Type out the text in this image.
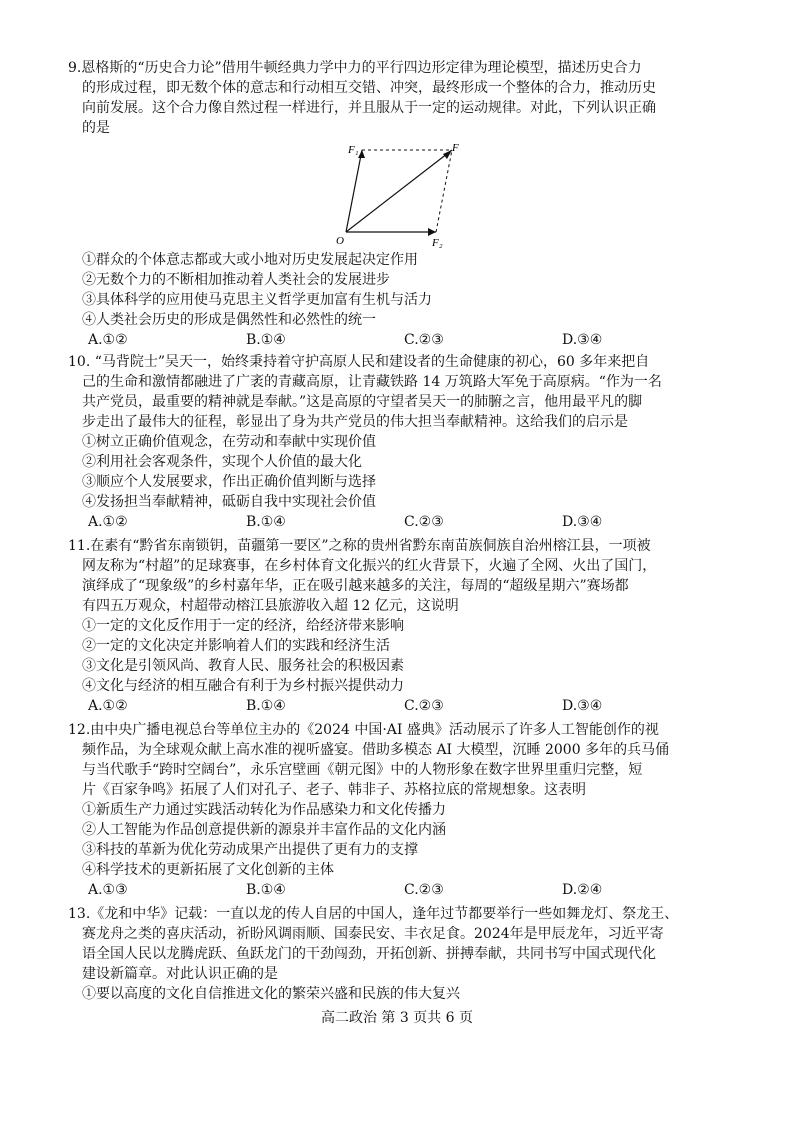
9.恩格斯的“历史合力论”借用牛顿经典力学中力的平行四边形定律为理论模型，描述历史合力
的形成过程，即无数个体的意志和行动相互交错、冲突，最终形成一个整体的合力，推动历史
向前发展。这个合力像自然过程一样进行，并且服从于一定的运动规律。对此，下列认识正确
的是
F₁	F
O	F₂
①群众的个体意志都或大或小地对历史发展起决定作用
②无数个力的不断相加推动着人类社会的发展进步
③具体科学的应用使马克思主义哲学更加富有生机与活力
④人类社会历史的形成是偶然性和必然性的统一
A.①②	B.①④	C.②③	D.③④
10. “马背院士”吴天一，始终秉持着守护高原人民和建设者的生命健康的初心，60 多年来把自
己的生命和激情都融进了广袤的青藏高原，让青藏铁路 14 万筑路大军免于高原病。“作为一名
共产党员，最重要的精神就是奉献。”这是高原的守望者吴天一的肺腑之言，他用最平凡的脚
步走出了最伟大的征程，彰显出了身为共产党员的伟大担当奉献精神。这给我们的启示是
①树立正确价值观念，在劳动和奉献中实现价值
②利用社会客观条件，实现个人价值的最大化
③顺应个人发展要求，作出正确价值判断与选择
④发扬担当奉献精神，砥砺自我中实现社会价值
A.①②	B.①④	C.②③	D.③④
11.在素有“黔省东南锁钥，苗疆第一要区”之称的贵州省黔东南苗族侗族自治州榕江县，一项被
网友称为“村超”的足球赛事，在乡村体育文化振兴的红火背景下，火遍了全网、火出了国门，
演绎成了“现象级”的乡村嘉年华，正在吸引越来越多的关注，每周的“超级星期六”赛场都
有四五万观众，村超带动榕江县旅游收入超 12 亿元，这说明
①一定的文化反作用于一定的经济，给经济带来影响
②一定的文化决定并影响着人们的实践和经济生活
③文化是引领风尚、教育人民、服务社会的积极因素
④文化与经济的相互融合有利于为乡村振兴提供动力
A.①②	B.①④	C.②③	D.③④
12.由中央广播电视总台等单位主办的《2024 中国·AI 盛典》活动展示了许多人工智能创作的视
频作品，为全球观众献上高水准的视听盛宴。借助多模态 AI 大模型，沉睡 2000 多年的兵马俑
与当代歌手“跨时空阔台”，永乐宫壁画《朝元图》中的人物形象在数字世界里重归完整，短
片《百家争鸣》拓展了人们对孔子、老子、韩非子、苏格拉底的常规想象。这表明
①新质生产力通过实践活动转化为作品感染力和文化传播力
②人工智能为作品创意提供新的源泉并丰富作品的文化内涵
③科技的革新为优化劳动成果产出提供了更有力的支撑
④科学技术的更新拓展了文化创新的主体
A.①③	B.①④	C.②③	D.②④
13.《龙和中华》记载：一直以龙的传人自居的中国人，逢年过节都要举行一些如舞龙灯、祭龙王、
赛龙舟之类的喜庆活动，祈盼风调雨顺、国泰民安、丰衣足食。2024年是甲辰龙年，习近平寄
语全国人民以龙腾虎跃、鱼跃龙门的干劲闯劲，开拓创新、拼搏奉献，共同书写中国式现代化
建设新篇章。对此认识正确的是
①要以高度的文化自信推进文化的繁荣兴盛和民族的伟大复兴
高二政治 第 3 页共 6 页
